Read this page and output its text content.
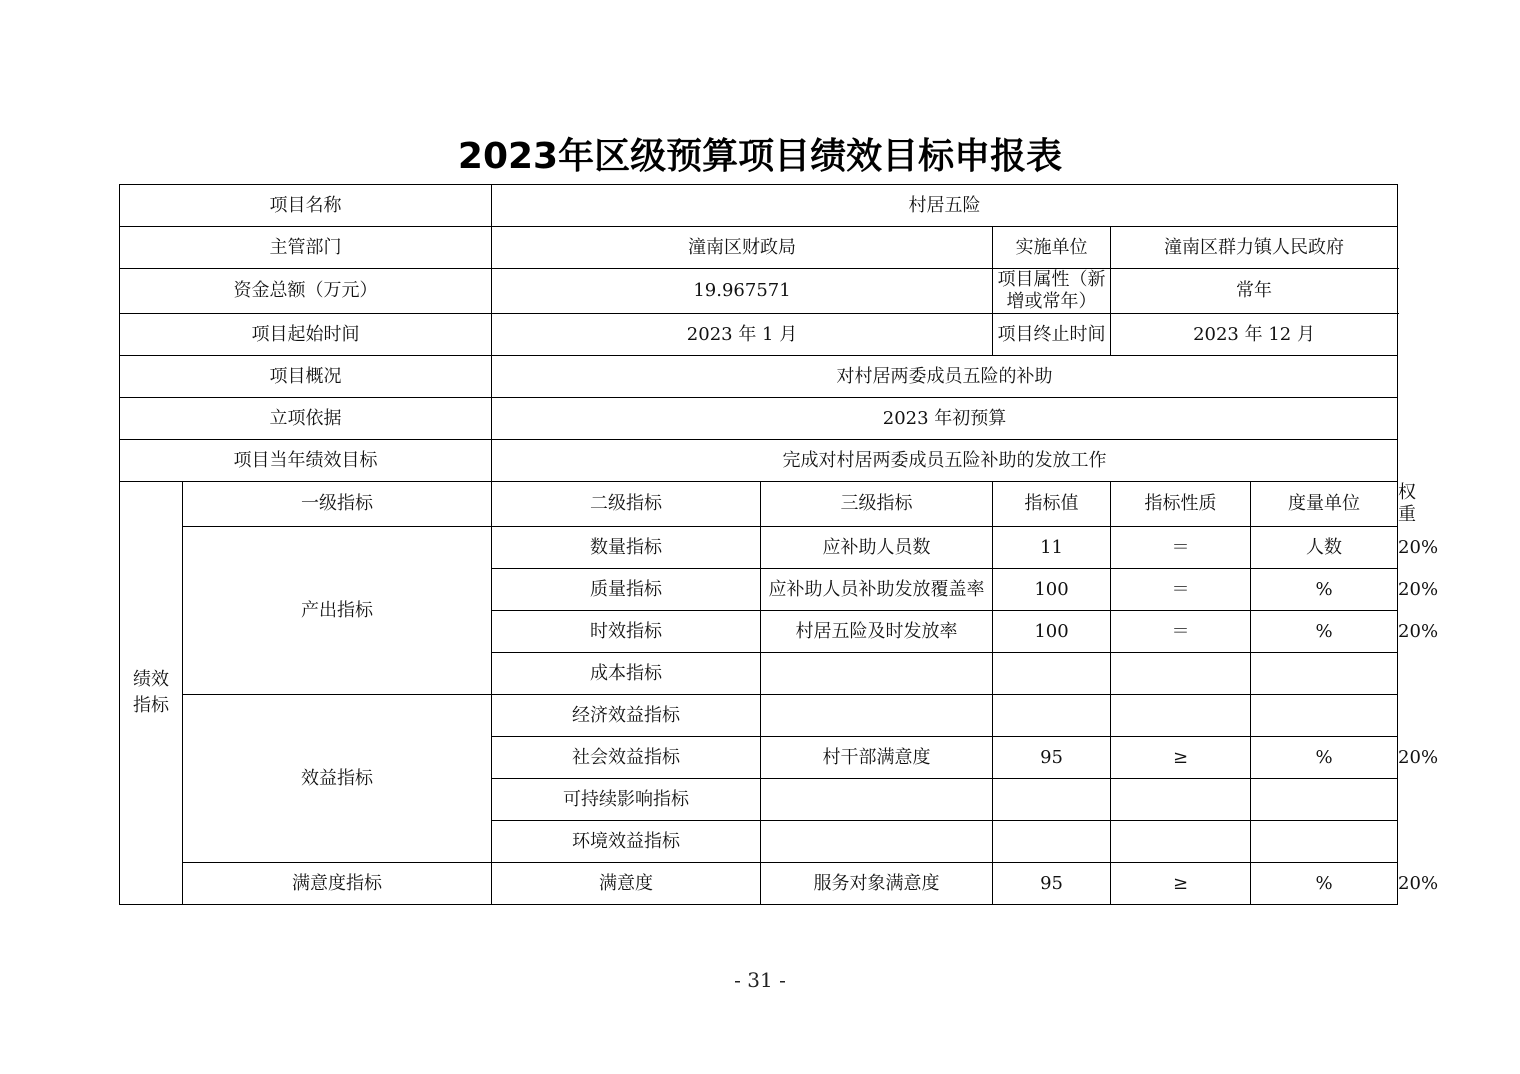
2023年区级预算项目绩效目标申报表
项目名称		村居五险					
主管部门		潼南区财政局		实施单位	潼南区群力镇人民政府		
资金总额（万元）		19.967571		项目属性（新增或常年）	常年		
项目起始时间		2023 年 1 月		项目终止时间	2023 年 12 月		
项目概况		对村居两委成员五险的补助					
立项依据		2023 年初预算					
项目当年绩效目标		完成对村居两委成员五险补助的发放工作					
绩效指标	一级指标	二级指标	三级指标	指标值	指标性质	度量单位	权重
	产出指标	数量指标	应补助人员数	11	＝	人数	20%
		质量指标	应补助人员补助发放覆盖率	100	＝	%	20%
		时效指标	村居五险及时发放率	100	＝	%	20%
		成本指标					
	效益指标	经济效益指标					
		社会效益指标	村干部满意度	95	≥	%	20%
		可持续影响指标					
		环境效益指标					
	满意度指标	满意度	服务对象满意度	95	≥	%	20%
- 31 -
